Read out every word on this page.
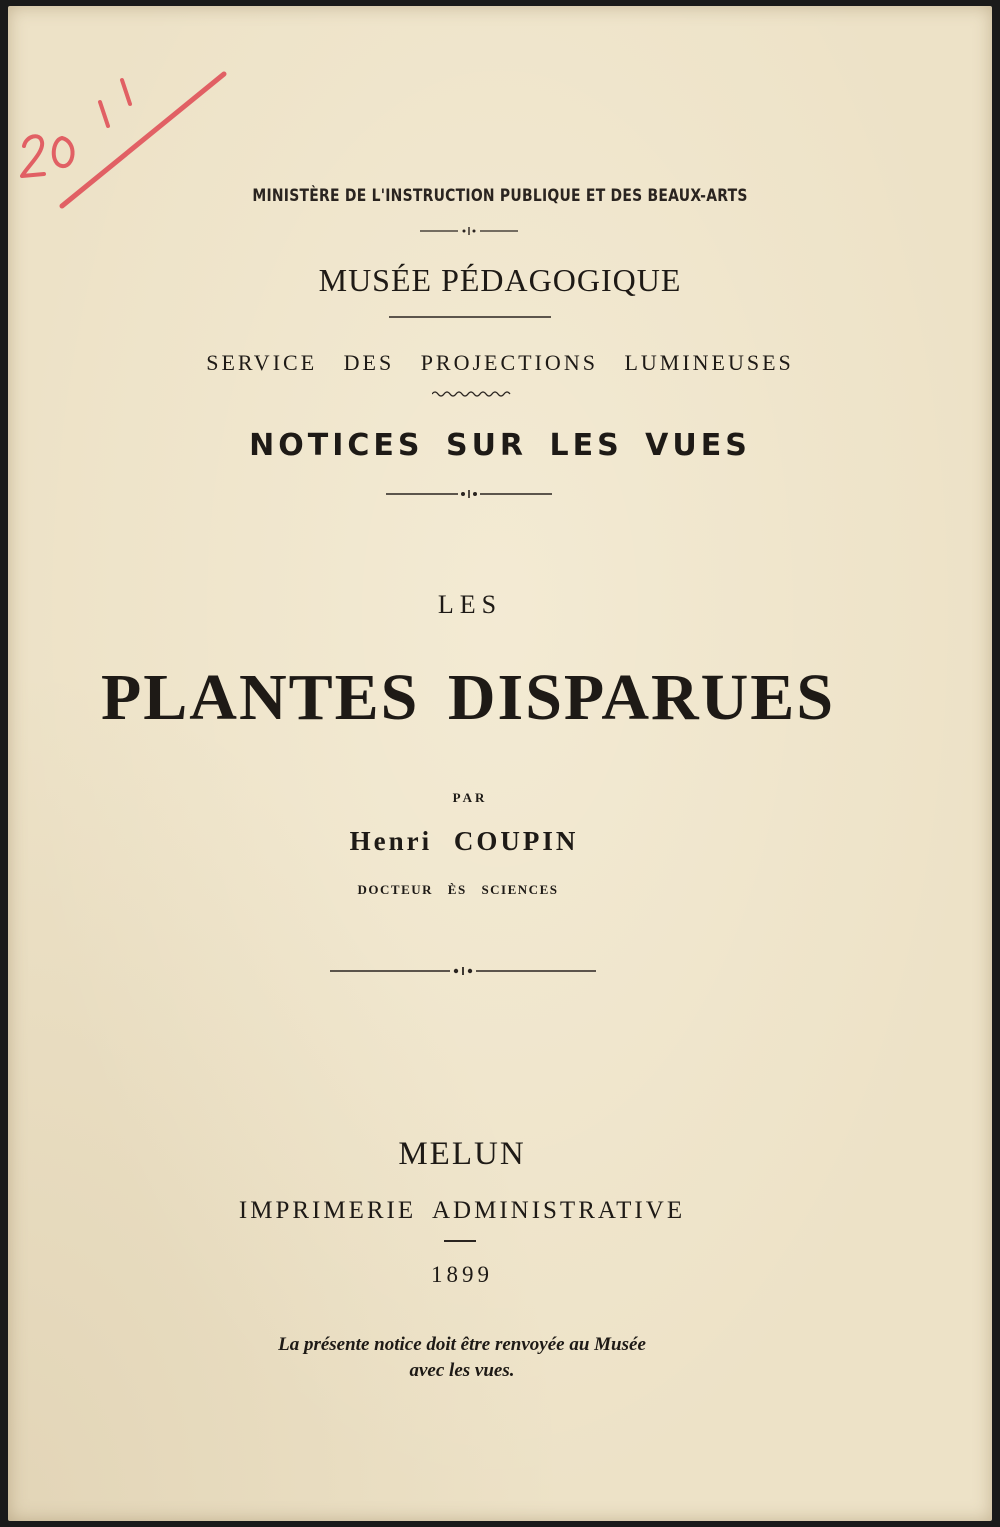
MINISTÈRE DE L'INSTRUCTION PUBLIQUE ET DES BEAUX-ARTS
MUSÉE PÉDAGOGIQUE
SERVICE DES PROJECTIONS LUMINEUSES
NOTICES SUR LES VUES
LES
PLANTES DISPARUES
PAR
Henri COUPIN
DOCTEUR ÈS SCIENCES
MELUN
IMPRIMERIE ADMINISTRATIVE
1899
La présente notice doit être renvoyée au Musée
avec les vues.
